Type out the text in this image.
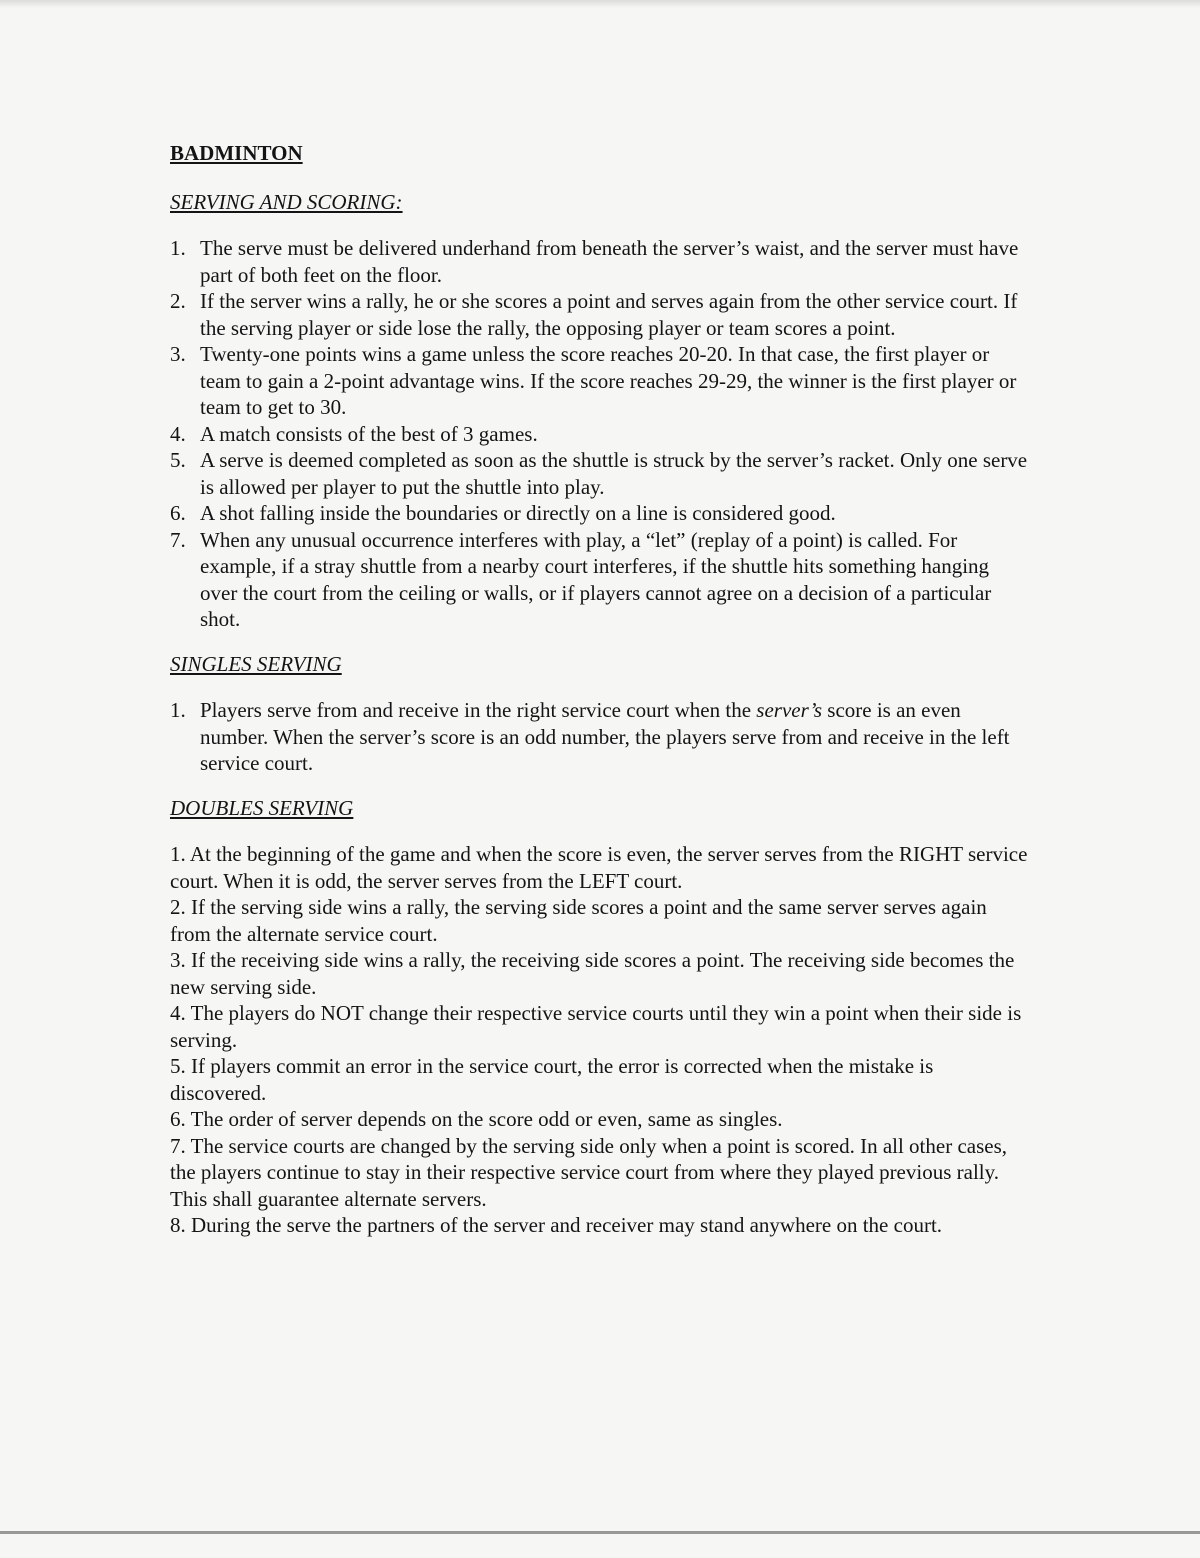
BADMINTON
SERVING AND SCORING:
1. The serve must be delivered underhand from beneath the server’s waist, and the server must have part of both feet on the floor.
2. If the server wins a rally, he or she scores a point and serves again from the other service court. If the serving player or side lose the rally, the opposing player or team scores a point.
3. Twenty-one points wins a game unless the score reaches 20-20. In that case, the first player or team to gain a 2-point advantage wins. If the score reaches 29-29, the winner is the first player or team to get to 30.
4. A match consists of the best of 3 games.
5. A serve is deemed completed as soon as the shuttle is struck by the server’s racket. Only one serve is allowed per player to put the shuttle into play.
6. A shot falling inside the boundaries or directly on a line is considered good.
7. When any unusual occurrence interferes with play, a “let” (replay of a point) is called. For example, if a stray shuttle from a nearby court interferes, if the shuttle hits something hanging over the court from the ceiling or walls, or if players cannot agree on a decision of a particular shot.
SINGLES SERVING
1. Players serve from and receive in the right service court when the server’s score is an even number. When the server’s score is an odd number, the players serve from and receive in the left service court.
DOUBLES SERVING
1. At the beginning of the game and when the score is even, the server serves from the RIGHT service court. When it is odd, the server serves from the LEFT court.
2. If the serving side wins a rally, the serving side scores a point and the same server serves again from the alternate service court.
3. If the receiving side wins a rally, the receiving side scores a point. The receiving side becomes the new serving side.
4. The players do NOT change their respective service courts until they win a point when their side is serving.
5. If players commit an error in the service court, the error is corrected when the mistake is discovered.
6. The order of server depends on the score odd or even, same as singles.
7. The service courts are changed by the serving side only when a point is scored. In all other cases, the players continue to stay in their respective service court from where they played previous rally. This shall guarantee alternate servers.
8. During the serve the partners of the server and receiver may stand anywhere on the court.
